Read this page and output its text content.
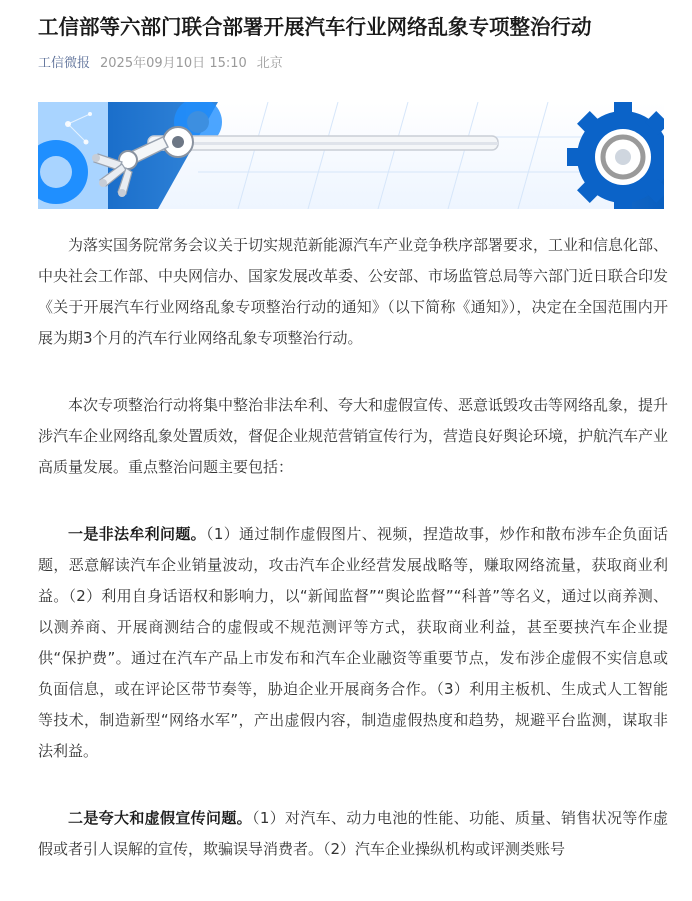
工信部等六部门联合部署开展汽车行业网络乱象专项整治行动
工信微报 2025年09月10日 15:10 北京

为落实国务院常务会议关于切实规范新能源汽车产业竞争秩序部署要求，工业和信息化部、中央社会工作部、中央网信办、国家发展改革委、公安部、市场监管总局等六部门近日联合印发《关于开展汽车行业网络乱象专项整治行动的通知》（以下简称《通知》），决定在全国范围内开展为期3个月的汽车行业网络乱象专项整治行动。

本次专项整治行动将集中整治非法牟利、夸大和虚假宣传、恶意诋毁攻击等网络乱象，提升涉汽车企业网络乱象处置质效，督促企业规范营销宣传行为，营造良好舆论环境，护航汽车产业高质量发展。重点整治问题主要包括：

一是非法牟利问题。（1）通过制作虚假图片、视频，捏造故事，炒作和散布涉车企负面话题，恶意解读汽车企业销量波动，攻击汽车企业经营发展战略等，赚取网络流量，获取商业利益。（2）利用自身话语权和影响力，以“新闻监督”“舆论监督”“科普”等名义，通过以商养测、以测养商、开展商测结合的虚假或不规范测评等方式，获取商业利益，甚至要挟汽车企业提供“保护费”。通过在汽车产品上市发布和汽车企业融资等重要节点，发布涉企虚假不实信息或负面信息，或在评论区带节奏等，胁迫企业开展商务合作。（3）利用主板机、生成式人工智能等技术，制造新型“网络水军”，产出虚假内容，制造虚假热度和趋势，规避平台监测，谋取非法利益。

二是夸大和虚假宣传问题。（1）对汽车、动力电池的性能、功能、质量、销售状况等作虚假或者引人误解的宣传，欺骗误导消费者。（2）汽车企业操纵机构或评测类账号
